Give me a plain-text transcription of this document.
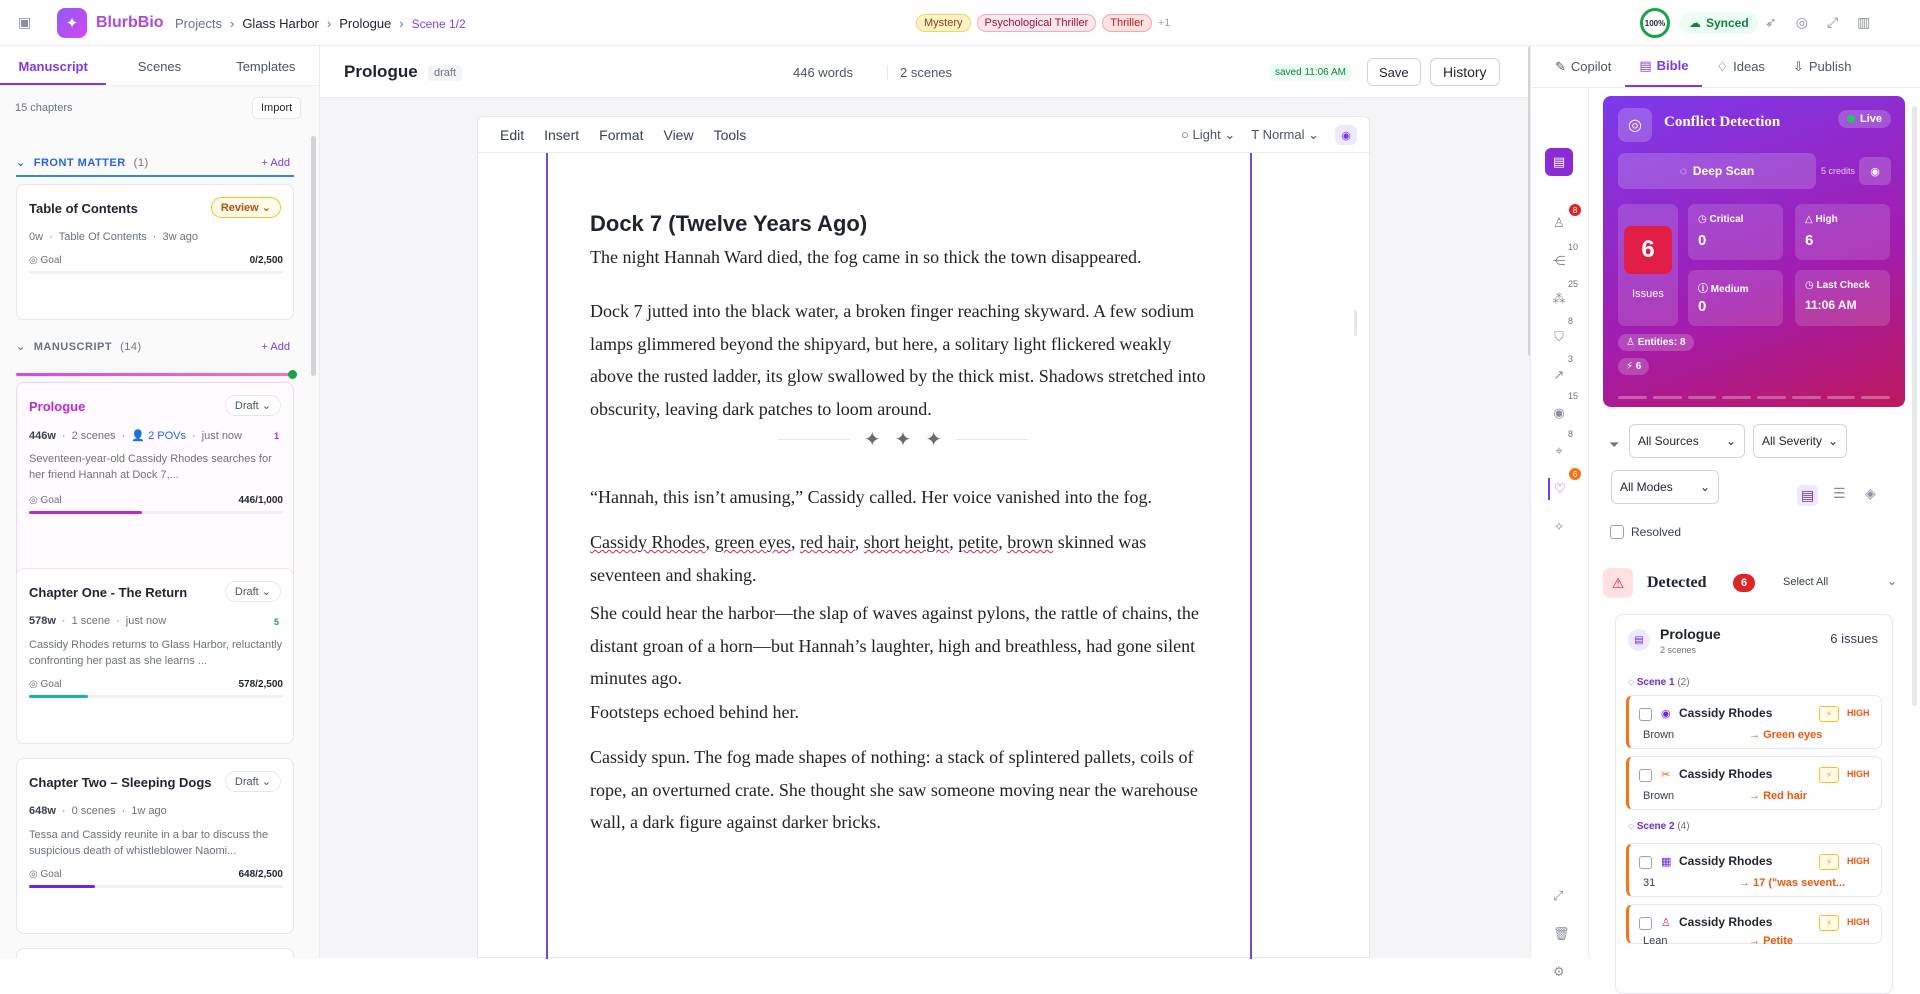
▣	✦	BlurbBio Projects › Glass Harbor › Prologue › Scene 1/2	Mystery	Psychological Thriller	Thriller	+1	100%	☁ Synced ➶ ◎ ⤢ ▥
Manuscript	Scenes	Templates
15 chapters	Import
⌄ FRONT MATTER (1)	+ Add
Table of Contents	Review ⌄
0w · Table Of Contents · 3w ago
◎ Goal	0/2,500
⌄ MANUSCRIPT (14)	+ Add
Prologue	Draft ⌄
446w · 2 scenes · 👤 2 POVs · just now	1
Seventeen-year-old Cassidy Rhodes searches for her friend Hannah at Dock 7,...
◎ Goal	446/1,000
Chapter One - The Return	Draft ⌄
578w · 1 scene · just now	5
Cassidy Rhodes returns to Glass Harbor, reluctantly confronting her past as she learns ...
◎ Goal	578/2,500
Chapter Two – Sleeping Dogs	Draft ⌄
648w · 0 scenes · 1w ago
Tessa and Cassidy reunite in a bar to discuss the suspicious death of whistleblower Naomi...
◎ Goal	648/2,500
Prologue	draft	446 words	2 scenes	saved 11:06 AM	Save	History
Edit Insert Format View Tools	○ Light ⌄ T Normal ⌄	◉
Dock 7 (Twelve Years Ago)
The night Hannah Ward died, the fog came in so thick the town disappeared.
Dock 7 jutted into the black water, a broken finger reaching skyward. A few sodium lamps glimmered beyond the shipyard, but here, a solitary light flickered weakly above the rusted ladder, its glow swallowed by the thick mist. Shadows stretched into obscurity, leaving dark patches to loom around.
✦ ✦ ✦
“Hannah, this isn’t amusing,” Cassidy called. Her voice vanished into the fog.
Cassidy Rhodes, green eyes, red hair, short height, petite, brown skinned was seventeen and shaking.
She could hear the harbor—the slap of waves against pylons, the rattle of chains, the distant groan of a horn—but Hannah’s laughter, high and breathless, had gone silent minutes ago.
Footsteps echoed behind her.
Cassidy spun. The fog made shapes of nothing: a stack of splintered pallets, coils of rope, an overturned crate. She thought she saw someone moving near the warehouse wall, a dark figure against darker bricks.
✎ Copilot ▤ Bible ♢ Ideas ⇩ Publish
▤
♙
8
⋲
10
⁂
25
⛉
8
↗
3
◉
15
⌖
8
♡
6
✧
⤢
🗑
⚙
◎	Conflict Detection	Live
◌ Deep Scan	5 credits	◉
6
Issues
◷ Critical
0
△ High
6
ⓘ Medium
0
◷ Last Check
11:06 AM
♙ Entities: 8
⚡ 6
⏷ All Sources ⌄ All Severity ⌄
All Modes ⌄	▤ ☰ ◈
Resolved
⚠	Detected	6	Select All	⌄
▤	Prologue
2 scenes
6 issues
◌ Scene 1 (2)
◉ Cassidy Rhodes	⚡	HIGH
Brown	→ Green eyes
✂ Cassidy Rhodes	⚡	HIGH
Brown	→ Red hair
◌ Scene 2 (4)
▦ Cassidy Rhodes	⚡	HIGH
31	→ 17 ("was sevent...
♙ Cassidy Rhodes	⚡	HIGH
Lean	→ Petite
